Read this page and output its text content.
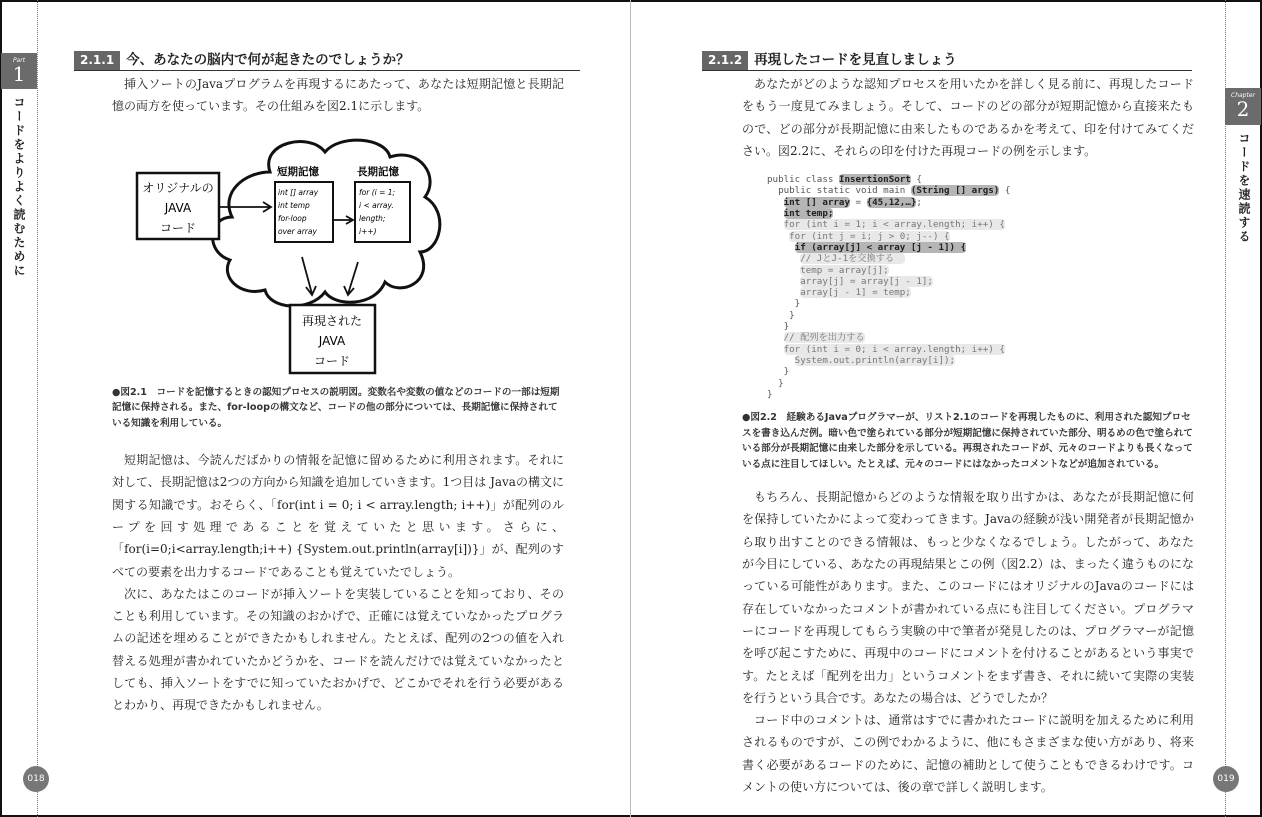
Part
1
コードをよりよく読むために
018
2.1.1 今、あなたの脳内で何が起きたのでしょうか？
挿入ソートのJavaプログラムを再現するにあたって、あなたは短期記憶と長期記憶の両方を使っています。その仕組みを図2.1に示します。
オリジナルの
JAVA
コード
短期記憶
int [] array
int temp
for-loop
over array
長期記憶
for (i = 1;
i < array.
length;
i++)
再現された
JAVA
コード
●図2.1　コードを記憶するときの認知プロセスの説明図。変数名や変数の値などのコードの一部は短期記憶に保持される。また、for-loopの構文など、コードの他の部分については、長期記憶に保持されている知識を利用している。
短期記憶は、今読んだばかりの情報を記憶に留めるために利用されます。それに対して、長期記憶は2つの方向から知識を追加していきます。1つ目は Javaの構文に関する知識です。おそらく、「for(int i = 0; i < array.length; i++)」が配列のループを回す処理であることを覚えていたと思います。さらに、「for(i=0;i<array.length;i++) {System.out.println(array[i])}」が、配列のすべての要素を出力するコードであることも覚えていたでしょう。
次に、あなたはこのコードが挿入ソートを実装していることを知っており、そのことも利用しています。その知識のおかげで、正確には覚えていなかったプログラムの記述を埋めることができたかもしれません。たとえば、配列の2つの値を入れ替える処理が書かれていたかどうかを、コードを読んだけでは覚えていなかったとしても、挿入ソートをすでに知っていたおかげで、どこかでそれを行う必要があるとわかり、再現できたかもしれません。
Chapter
2
コードを速読する
019
2.1.2 再現したコードを見直しましょう
あなたがどのような認知プロセスを用いたかを詳しく見る前に、再現したコードをもう一度見てみましょう。そして、コードのどの部分が短期記憶から直接来たもので、どの部分が長期記憶に由来したものであるかを考えて、印を付けてみてください。図2.2に、それらの印を付けた再現コードの例を示します。
public class InsertionSort {
public static void main (String [] args) {
int [] array = {45,12,…};
int temp;
for (int i = 1; i < array.length; i++) {
for (int j = i; j > 0; j--) {
if (array[j] < array [j - 1]) {
// JとJ-1を交換する
temp = array[j];
array[j] = array[j - 1];
array[j - 1] = temp;
}
}
}
// 配列を出力する
for (int i = 0; i < array.length; i++) {
System.out.println(array[i]);
}
}
}
●図2.2　経験あるJavaプログラマーが、リスト2.1のコードを再現したものに、利用された認知プロセスを書き込んだ例。暗い色で塗られている部分が短期記憶に保持されていた部分、明るめの色で塗られている部分が長期記憶に由来した部分を示している。再現されたコードが、元々のコードよりも長くなっている点に注目してほしい。たとえば、元々のコードにはなかったコメントなどが追加されている。
もちろん、長期記憶からどのような情報を取り出すかは、あなたが長期記憶に何を保持していたかによって変わってきます。Javaの経験が浅い開発者が長期記憶から取り出すことのできる情報は、もっと少なくなるでしょう。したがって、あなたが今目にしている、あなたの再現結果とこの例（図2.2）は、まったく違うものになっている可能性があります。また、このコードにはオリジナルのJavaのコードには存在していなかったコメントが書かれている点にも注目してください。プログラマーにコードを再現してもらう実験の中で筆者が発見したのは、プログラマーが記憶を呼び起こすために、再現中のコードにコメントを付けることがあるという事実です。たとえば「配列を出力」というコメントをまず書き、それに続いて実際の実装を行うという具合です。あなたの場合は、どうでしたか？
コード中のコメントは、通常はすでに書かれたコードに説明を加えるために利用されるものですが、この例でわかるように、他にもさまざまな使い方があり、将来書く必要があるコードのために、記憶の補助として使うこともできるわけです。コメントの使い方については、後の章で詳しく説明します。
